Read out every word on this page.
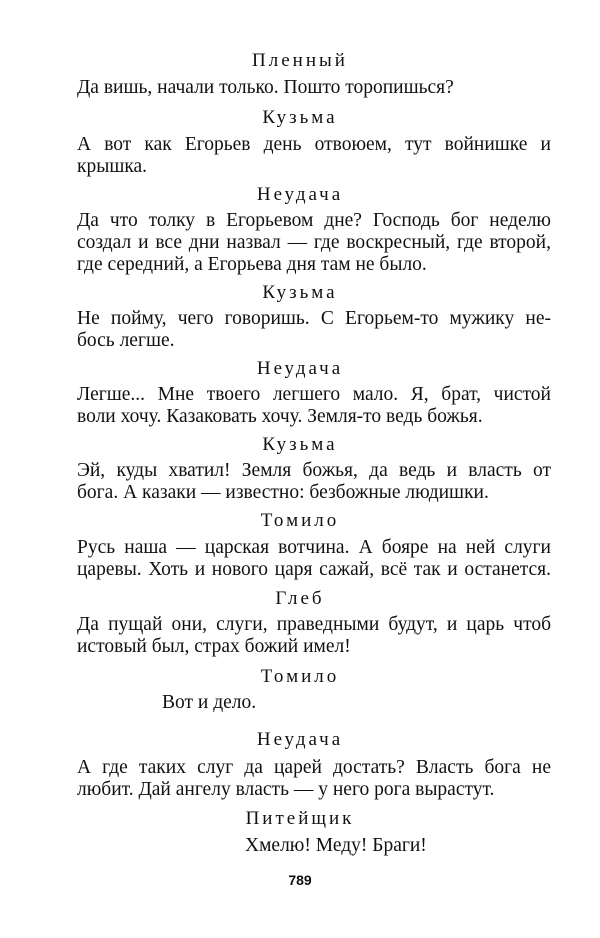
Пленный
Да вишь, начали только. Пошто торопишься?
Кузьма
А вот как Егорьев день отвоюем, тут войнишке и
крышка.
Неудача
Да что толку в Егорьевом дне? Господь бог неделю
создал и все дни назвал — где воскресный, где второй,
где середний, а Егорьева дня там не было.
Кузьма
Не пойму, чего говоришь. С Егорьем-то мужику не-
бось легше.
Неудача
Легше... Мне твоего легшего мало. Я, брат, чистой
воли хочу. Казаковать хочу. Земля-то ведь божья.
Кузьма
Эй, куды хватил! Земля божья, да ведь и власть от
бога. А казаки — известно: безбожные людишки.
Томило
Русь наша — царская вотчина. А бояре на ней слуги
царевы. Хоть и нового царя сажай, всё так и останется.
Глеб
Да пущай они, слуги, праведными будут, и царь чтоб
истовый был, страх божий имел!
Томило
Вот и дело.
Неудача
А где таких слуг да царей достать? Власть бога не
любит. Дай ангелу власть — у него рога вырастут.
Питейщик
Хмелю! Меду! Браги!
789
